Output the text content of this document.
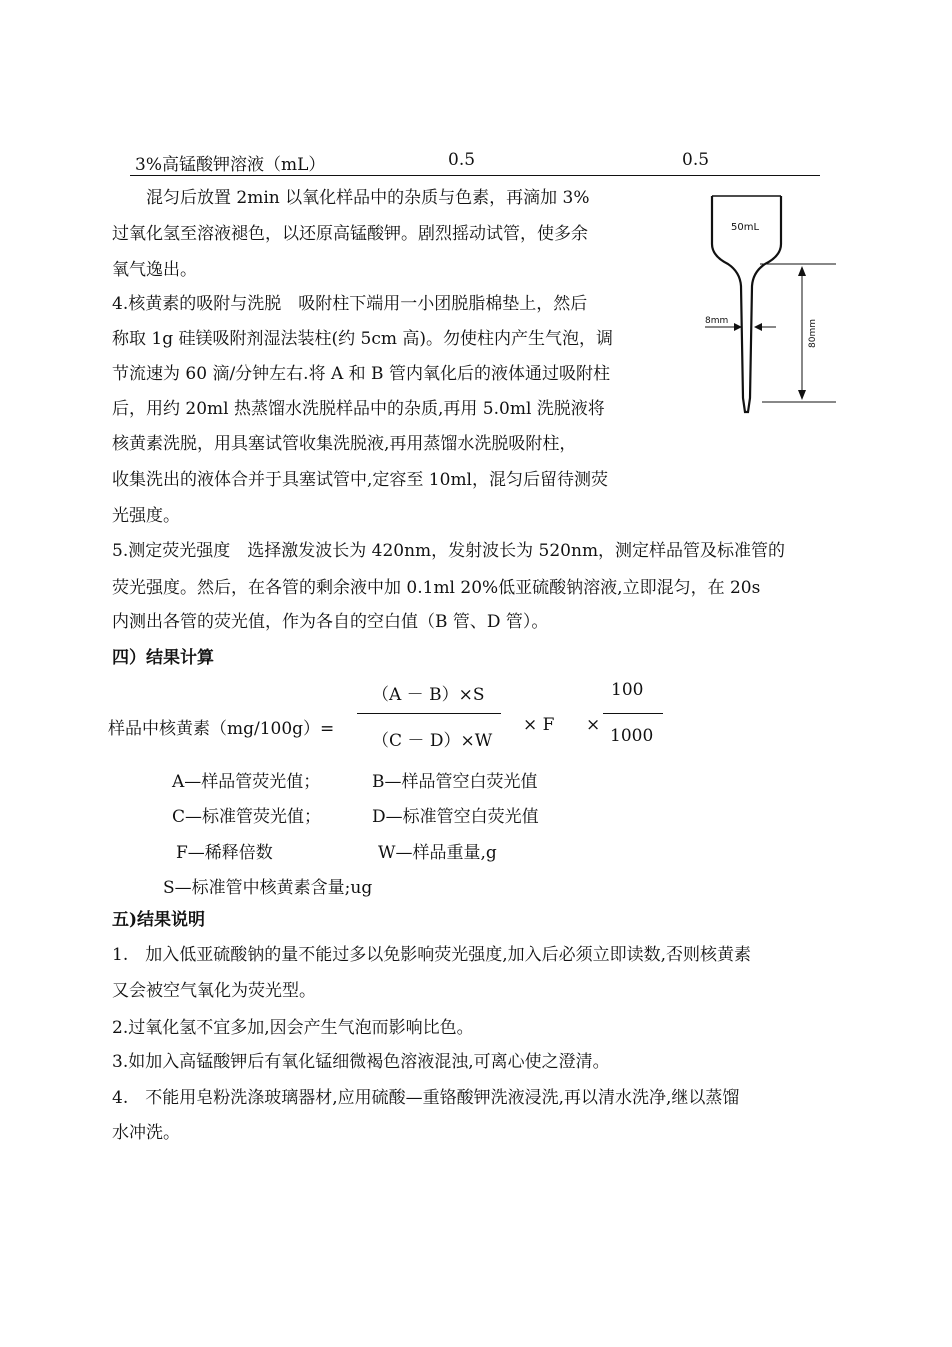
3%高锰酸钾溶液（mL）	0.5	0.5
　　混匀后放置 2min 以氧化样品中的杂质与色素，再滴加 3%
过氧化氢至溶液褪色，以还原高锰酸钾。剧烈摇动试管，使多余
氧气逸出。
4.核黄素的吸附与洗脱　吸附柱下端用一小团脱脂棉垫上，然后
称取 1g 硅镁吸附剂湿法装柱(约 5cm 高)。勿使柱内产生气泡，调
节流速为 60 滴/分钟左右.将 A 和 B 管内氧化后的液体通过吸附柱
后，用约 20ml 热蒸馏水洗脱样品中的杂质,再用 5.0ml 洗脱液将
核黄素洗脱，用具塞试管收集洗脱液,再用蒸馏水洗脱吸附柱，
收集洗出的液体合并于具塞试管中,定容至 10ml，混匀后留待测荧
光强度。
50mL
80mm
8mm
5.测定荧光强度　选择激发波长为 420nm，发射波长为 520nm，测定样品管及标准管的
荧光强度。然后，在各管的剩余液中加 0.1ml 20%低亚硫酸钠溶液,立即混匀，在 20s
内测出各管的荧光值，作为各自的空白值（B 管、D 管）。
四）结果计算
（A － B）×S
样品中核黄素（mg/100g）=
（C － D）×W
× F ×
100
1000
A—样品管荧光值；	B—样品管空白荧光值
C—标准管荧光值；	D—标准管空白荧光值
F—稀释倍数	W—样品重量,g
S—标准管中核黄素含量;ug
五)结果说明
1.　加入低亚硫酸钠的量不能过多以免影响荧光强度,加入后必须立即读数,否则核黄素
又会被空气氧化为荧光型。
2.过氧化氢不宜多加,因会产生气泡而影响比色。
3.如加入高锰酸钾后有氧化锰细微褐色溶液混浊,可离心使之澄清。
4.　不能用皂粉洗涤玻璃器材,应用硫酸—重铬酸钾洗液浸洗,再以清水洗净,继以蒸馏
水冲洗。
